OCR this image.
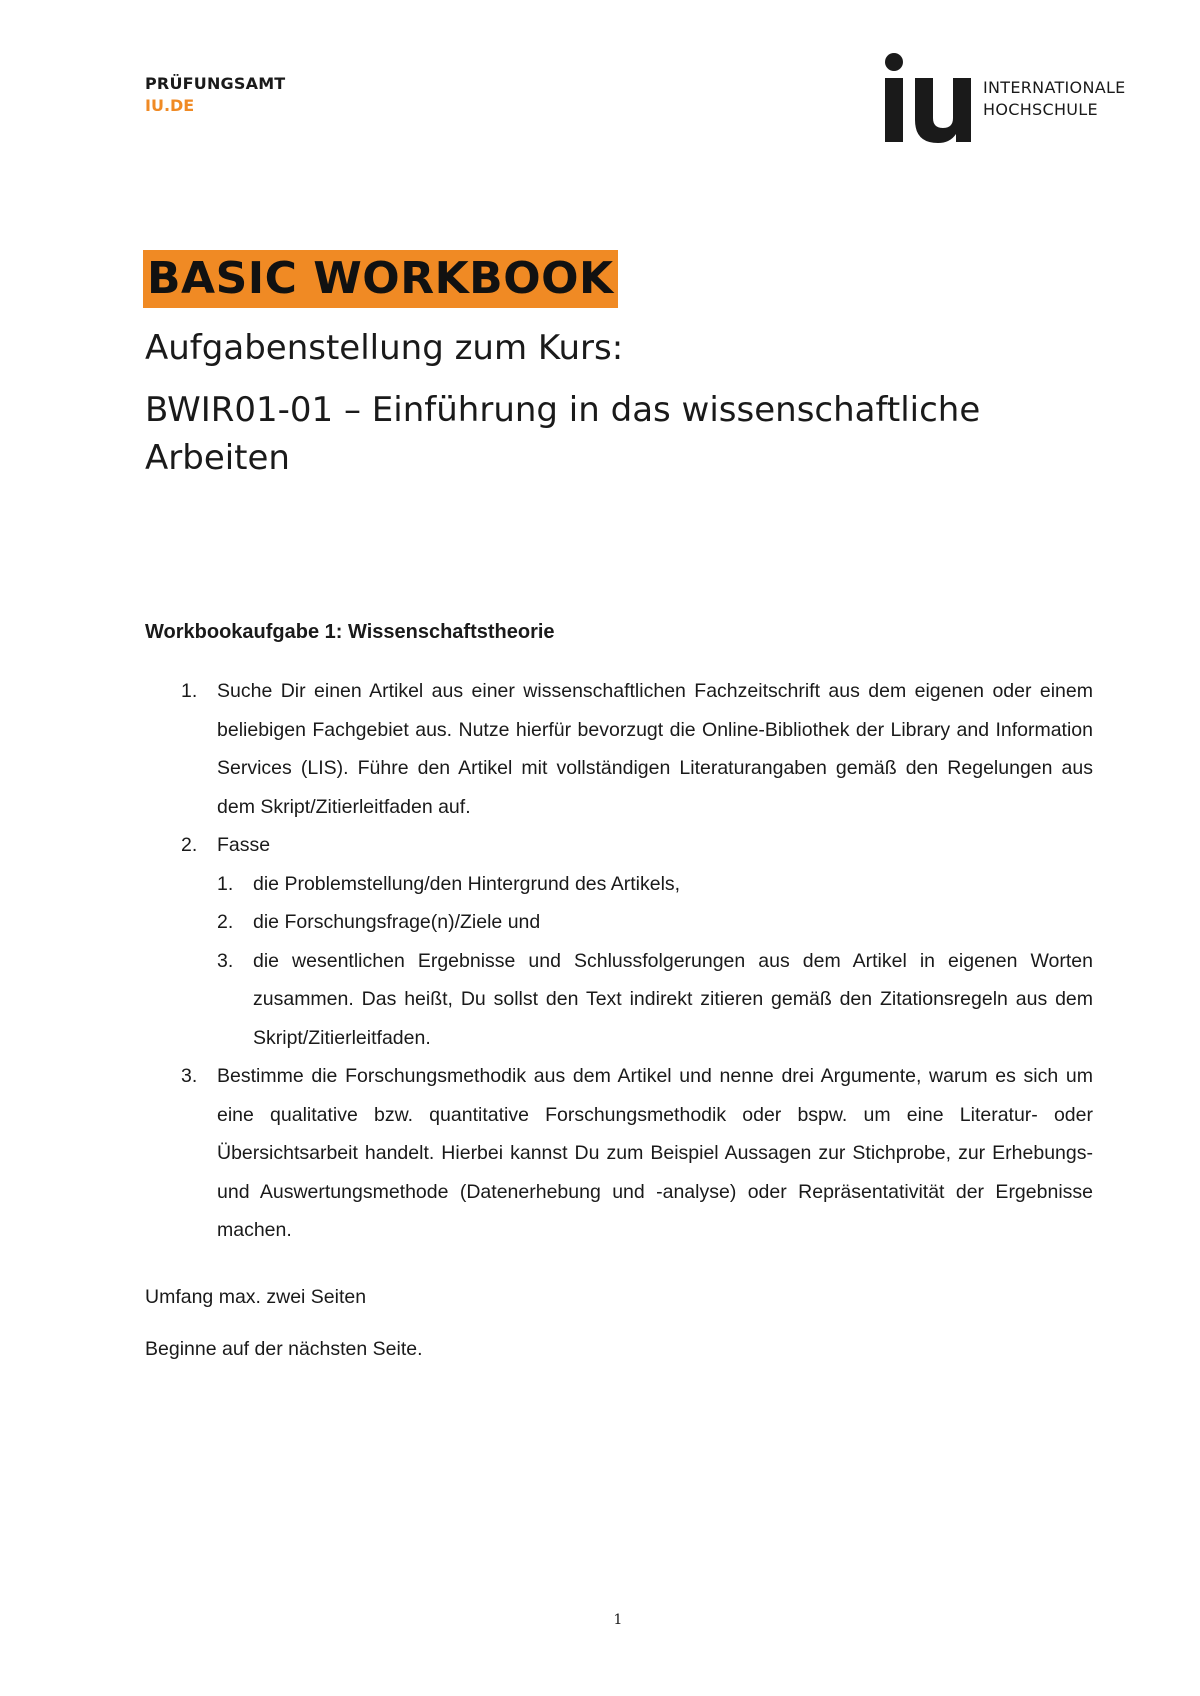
PRÜFUNGSAMT
IU.DE
INTERNATIONALE
HOCHSCHULE
BASIC WORKBOOK
Aufgabenstellung zum Kurs:
BWIR01-01 – Einführung in das wissenschaftliche Arbeiten
Workbookaufgabe 1: Wissenschaftstheorie
1. Suche Dir einen Artikel aus einer wissenschaftlichen Fachzeitschrift aus dem eigenen oder einem beliebigen Fachgebiet aus. Nutze hierfür bevorzugt die Online-Bibliothek der Library and Information Services (LIS). Führe den Artikel mit vollständigen Literaturangaben gemäß den Regelungen aus dem Skript/Zitierleitfaden auf.
2. Fasse
1. die Problemstellung/den Hintergrund des Artikels,
2. die Forschungsfrage(n)/Ziele und
3. die wesentlichen Ergebnisse und Schlussfolgerungen aus dem Artikel in eigenen Worten zusammen. Das heißt, Du sollst den Text indirekt zitieren gemäß den Zitationsregeln aus dem Skript/Zitierleitfaden.
3. Bestimme die Forschungsmethodik aus dem Artikel und nenne drei Argumente, warum es sich um eine qualitative bzw. quantitative Forschungsmethodik oder bspw. um eine Literatur- oder Übersichtsarbeit handelt. Hierbei kannst Du zum Beispiel Aussagen zur Stichprobe, zur Erhebungs- und Auswertungsmethode (Datenerhebung und -analyse) oder Repräsentativität der Ergebnisse machen.
Umfang max. zwei Seiten
Beginne auf der nächsten Seite.
1
